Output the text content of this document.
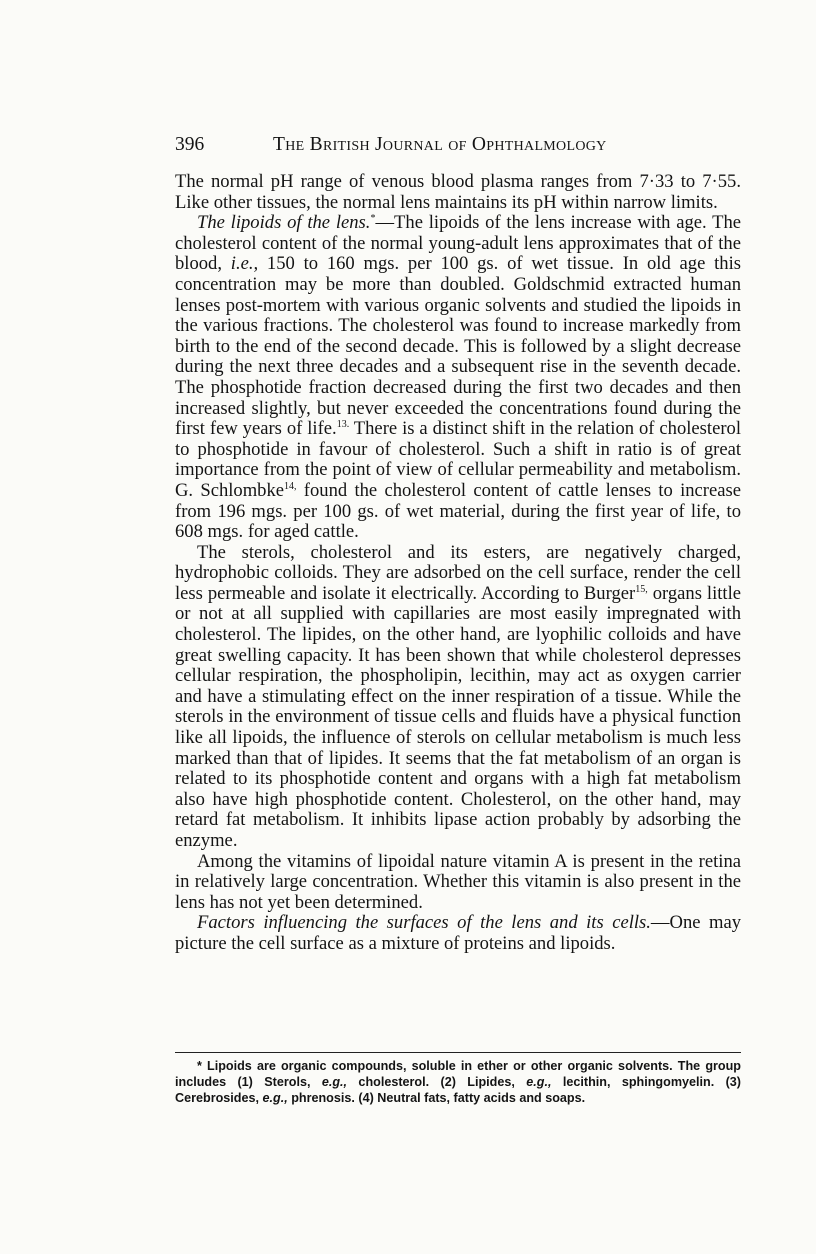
396	The British Journal of Ophthalmology

The normal pH range of venous blood plasma ranges from 7·33 to 7·55. Like other tissues, the normal lens maintains its pH within narrow limits.

The lipoids of the lens.*—The lipoids of the lens increase with age. The cholesterol content of the normal young-adult lens approximates that of the blood, i.e., 150 to 160 mgs. per 100 gs. of wet tissue. In old age this concentration may be more than doubled. Goldschmid extracted human lenses post-mortem with various organic solvents and studied the lipoids in the various fractions. The cholesterol was found to increase markedly from birth to the end of the second decade. This is followed by a slight decrease during the next three decades and a subsequent rise in the seventh decade. The phosphotide fraction decreased during the first two decades and then increased slightly, but never exceeded the concentrations found during the first few years of life.$^{13.}$ There is a distinct shift in the relation of cholesterol to phosphotide in favour of cholesterol. Such a shift in ratio is of great importance from the point of view of cellular permeability and metabolism. G. Schlombke$^{14,}$ found the cholesterol content of cattle lenses to increase from 196 mgs. per 100 gs. of wet material, during the first year of life, to 608 mgs. for aged cattle.

The sterols, cholesterol and its esters, are negatively charged, hydrophobic colloids. They are adsorbed on the cell surface, render the cell less permeable and isolate it electrically. According to Burger$^{15,}$ organs little or not at all supplied with capillaries are most easily impregnated with cholesterol. The lipides, on the other hand, are lyophilic colloids and have great swelling capacity. It has been shown that while cholesterol depresses cellular respiration, the phospholipin, lecithin, may act as oxygen carrier and have a stimulating effect on the inner respiration of a tissue. While the sterols in the environment of tissue cells and fluids have a physical function like all lipoids, the influence of sterols on cellular metabolism is much less marked than that of lipides. It seems that the fat metabolism of an organ is related to its phosphotide content and organs with a high fat metabolism also have high phosphotide content. Cholesterol, on the other hand, may retard fat metabolism. It inhibits lipase action probably by adsorbing the enzyme.

Among the vitamins of lipoidal nature vitamin A is present in the retina in relatively large concentration. Whether this vitamin is also present in the lens has not yet been determined.

Factors influencing the surfaces of the lens and its cells.—One may picture the cell surface as a mixture of proteins and lipoids.

* Lipoids are organic compounds, soluble in ether or other organic solvents. The group includes (1) Sterols, e.g., cholesterol. (2) Lipides, e.g., lecithin, sphingomyelin. (3) Cerebrosides, e.g., phrenosis. (4) Neutral fats, fatty acids and soaps.
